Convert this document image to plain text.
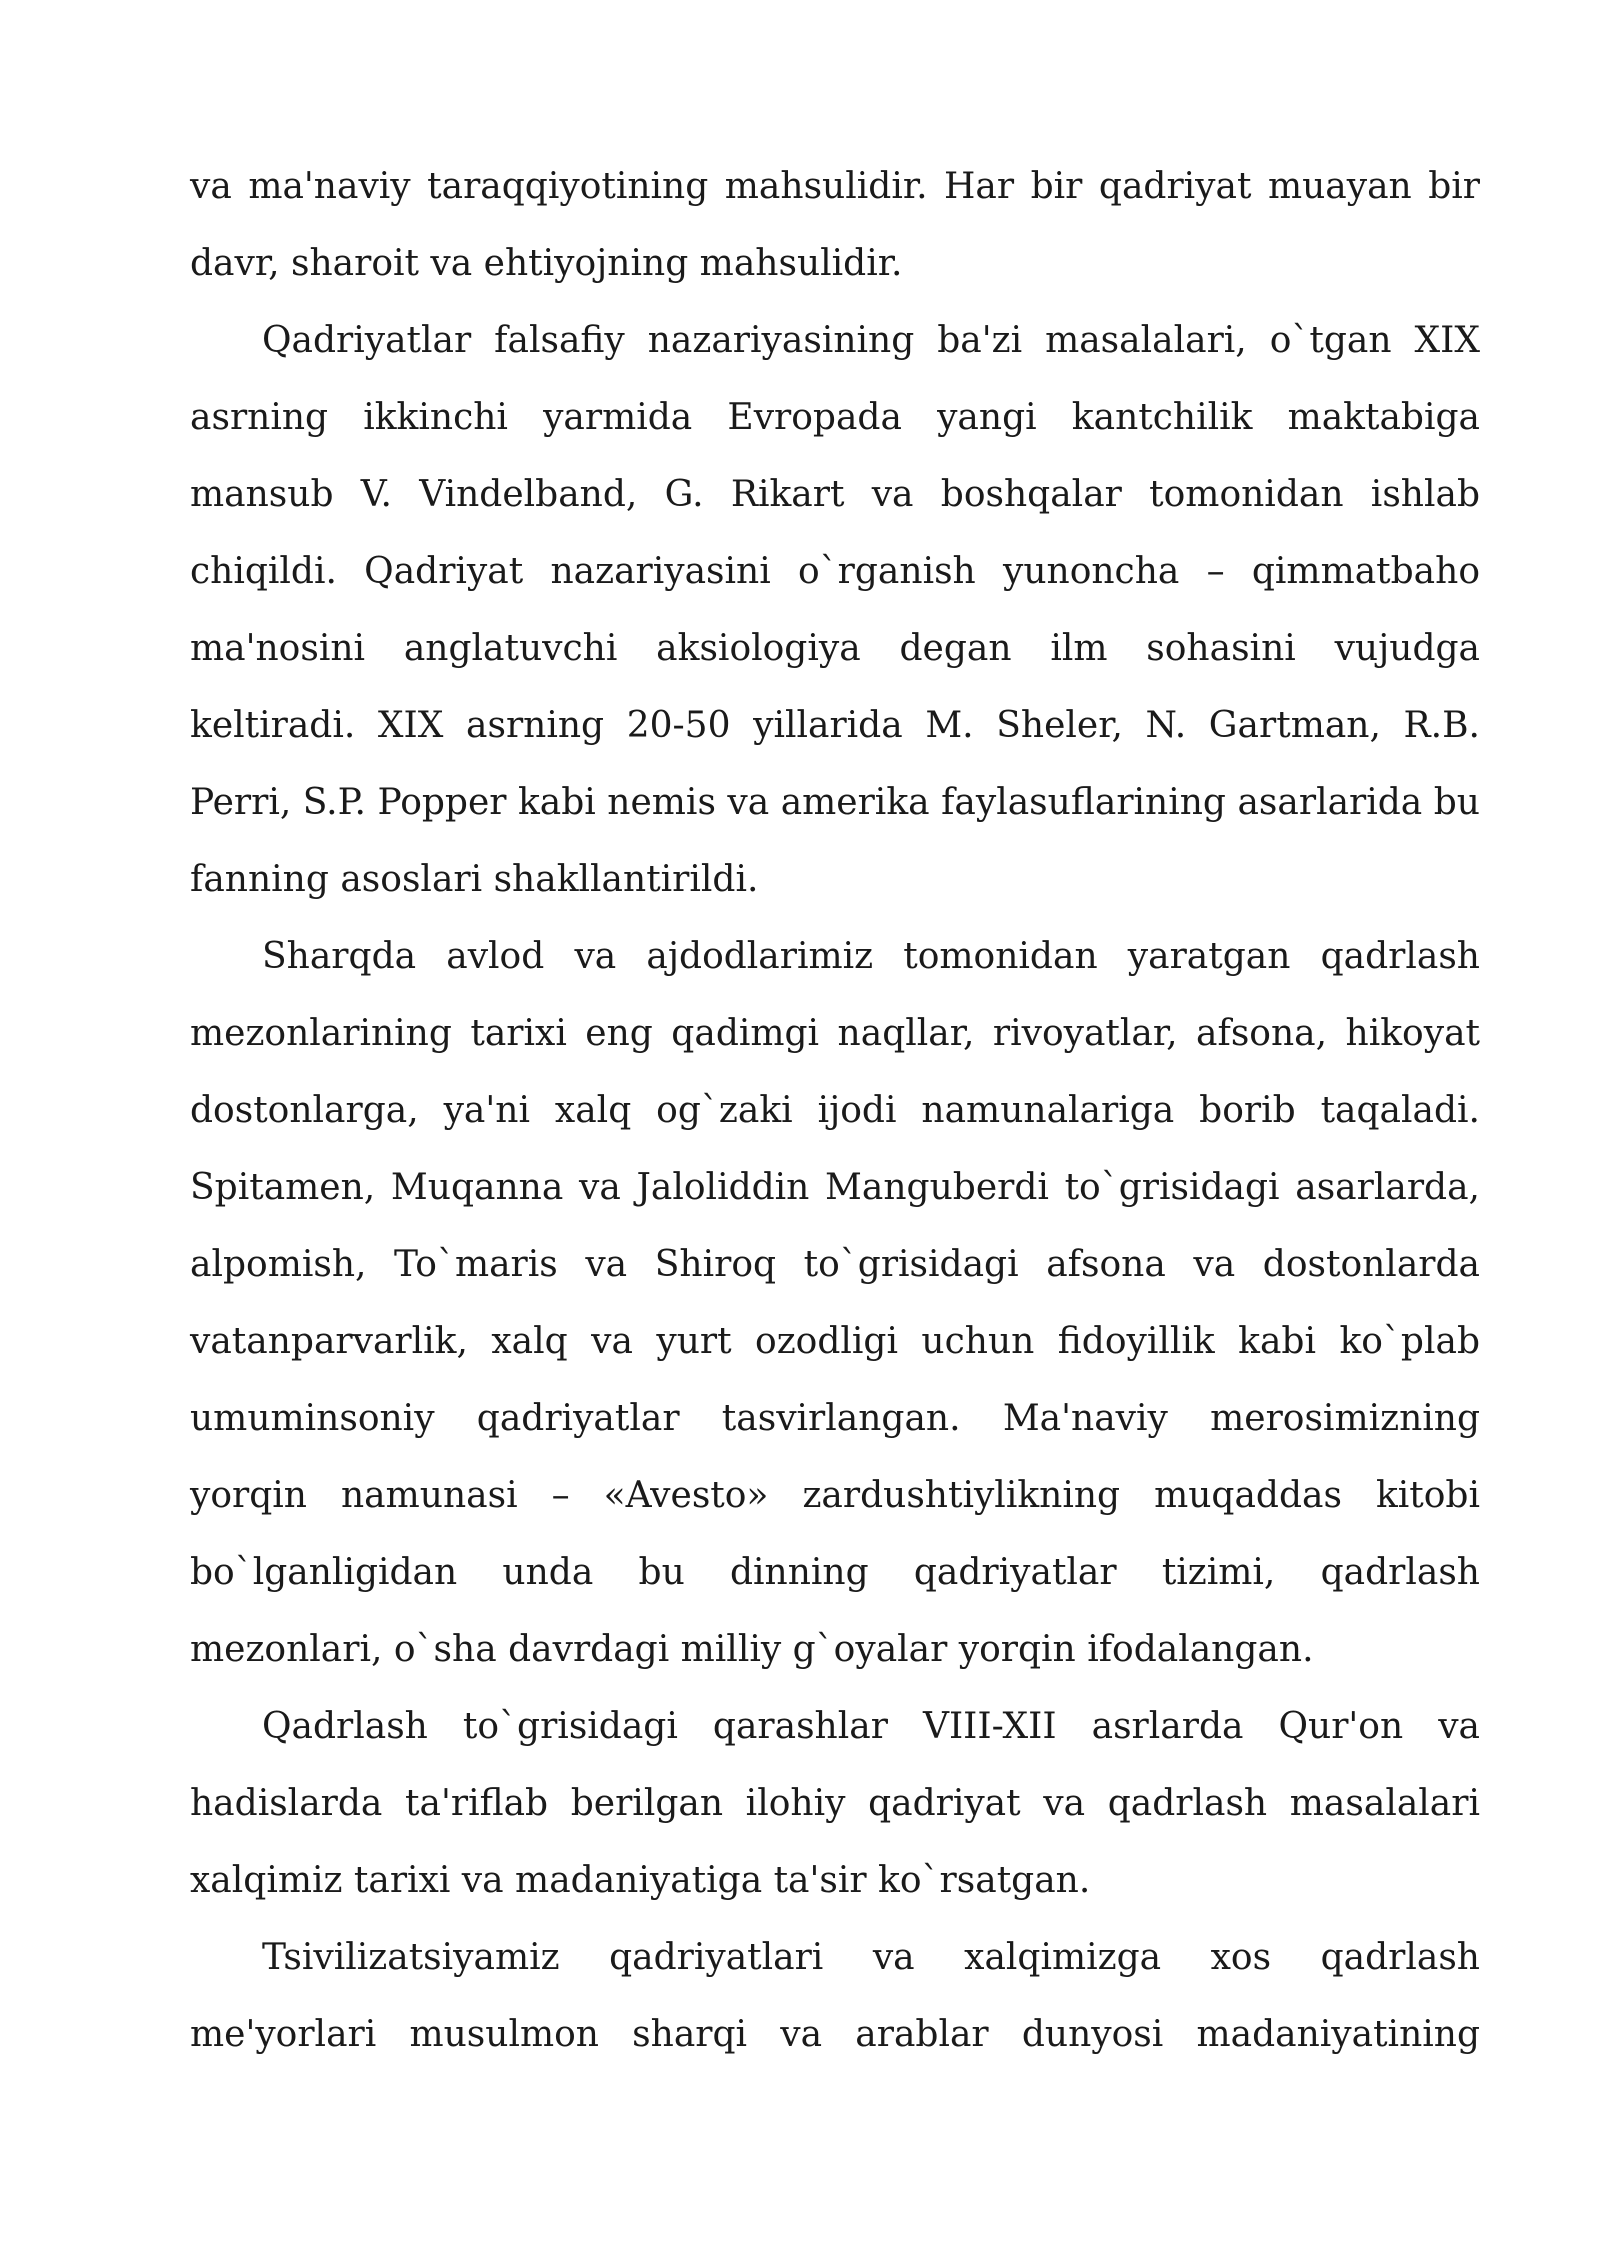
va ma'naviy taraqqiyotining mahsulidir. Har bir qadriyat muayan bir davr, sharoit va ehtiyojning mahsulidir.

Qadriyatlar falsafiy nazariyasining ba'zi masalalari, o`tgan XIX asrning ikkinchi yarmida Evropada yangi kantchilik maktabiga mansub V. Vindelband, G. Rikart va boshqalar tomonidan ishlab chiqildi. Qadriyat nazariyasini o`rganish yunoncha – qimmatbaho ma'nosini anglatuvchi aksiologiya degan ilm sohasini vujudga keltiradi. XIX asrning 20-50 yillarida M. Sheler, N. Gartman, R.B. Perri, S.P. Popper kabi nemis va amerika faylasuflarining asarlarida bu fanning asoslari shakllantirildi.

Sharqda avlod va ajdodlarimiz tomonidan yaratgan qadrlash mezonlarining tarixi eng qadimgi naqllar, rivoyatlar, afsona, hikoyat dostonlarga, ya'ni xalq og`zaki ijodi namunalariga borib taqaladi. Spitamen, Muqanna va Jaloliddin Manguberdi to`grisidagi asarlarda, alpomish, To`maris va Shiroq to`grisidagi afsona va dostonlarda vatanparvarlik, xalq va yurt ozodligi uchun fidoyillik kabi ko`plab umuminsoniy qadriyatlar tasvirlangan. Ma'naviy merosimizning yorqin namunasi – «Avesto» zardushtiylikning muqaddas kitobi bo`lganligidan unda bu dinning qadriyatlar tizimi, qadrlash mezonlari, o`sha davrdagi milliy g`oyalar yorqin ifodalangan.

Qadrlash to`grisidagi qarashlar VIII-XII asrlarda Qur'on va hadislarda ta'riflab berilgan ilohiy qadriyat va qadrlash masalalari xalqimiz tarixi va madaniyatiga ta'sir ko`rsatgan.

Tsivilizatsiyamiz qadriyatlari va xalqimizga xos qadrlash me'yorlari musulmon sharqi va arablar dunyosi madaniyatining
